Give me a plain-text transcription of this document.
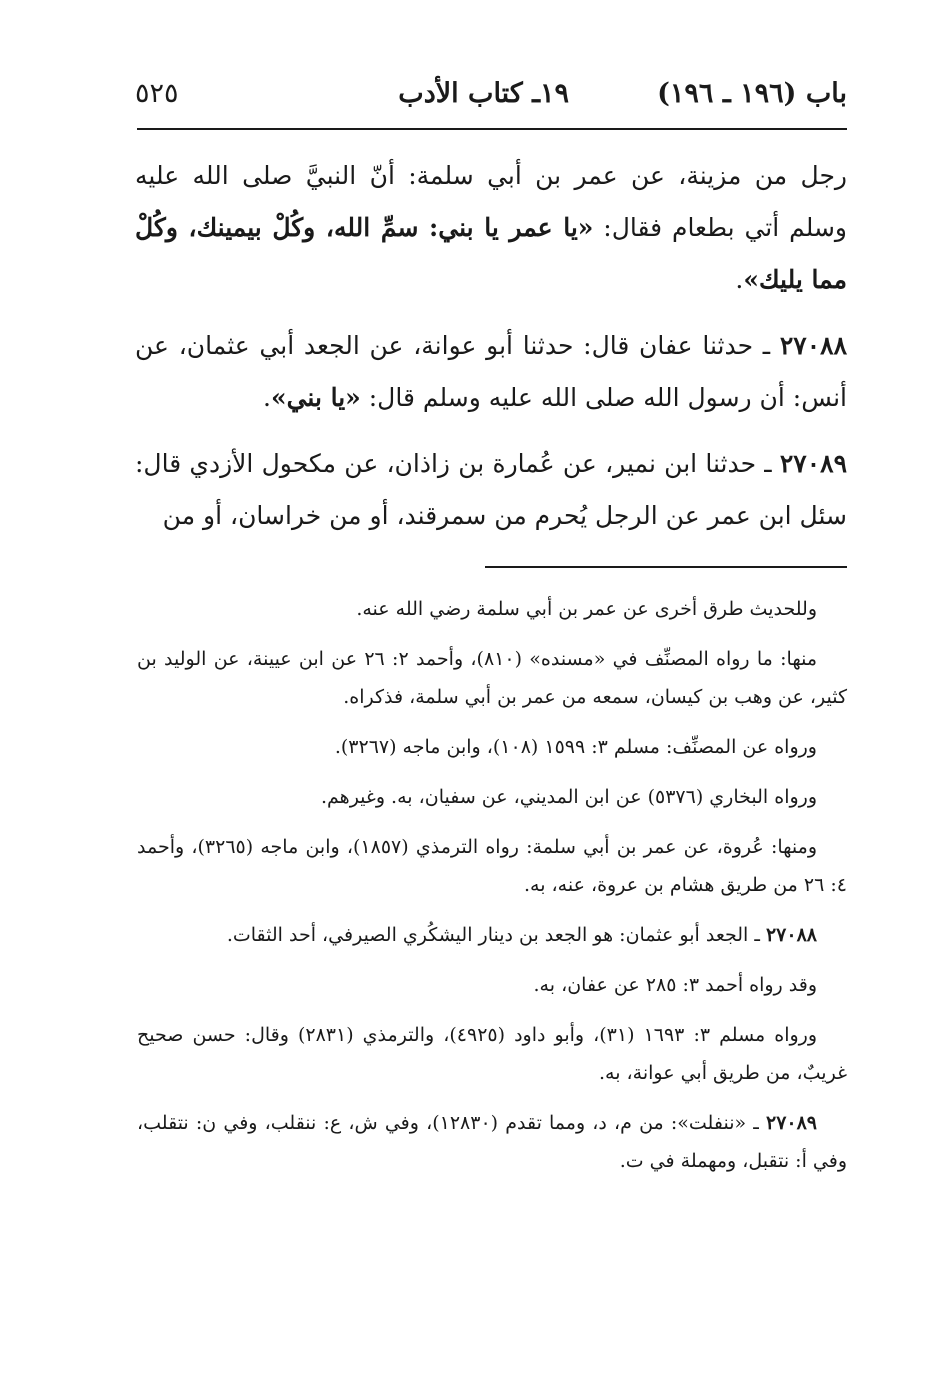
باب (١٩٦ ـ ١٩٦)
١٩ـ كتاب الأدب
٥٢٥

رجل من مزينة، عن عمر بن أبي سلمة: أنّ النبيَّ صلى الله عليه وسلم أتي بطعام فقال: «يا عمر يا بني: سمِّ الله، وكُلْ بيمينك، وكُلْ مما يليك».

٢٧٠٨٨ ـ حدثنا عفان قال: حدثنا أبو عوانة، عن الجعد أبي عثمان، عن أنس: أن رسول الله صلى الله عليه وسلم قال: «يا بني».

٢٧٠٨٩ ـ حدثنا ابن نمير، عن عُمارة بن زاذان، عن مكحول الأزدي قال: سئل ابن عمر عن الرجل يُحرم من سمرقند، أو من خراسان، أو من

وللحديث طرق أخرى عن عمر بن أبي سلمة رضي الله عنه.

منها: ما رواه المصنِّف في «مسنده» (٨١٠)، وأحمد ٢: ٢٦ عن ابن عيينة، عن الوليد بن كثير، عن وهب بن كيسان، سمعه من عمر بن أبي سلمة، فذكراه.

ورواه عن المصنِّف: مسلم ٣: ١٥٩٩ (١٠٨)، وابن ماجه (٣٢٦٧).

ورواه البخاري (٥٣٧٦) عن ابن المديني، عن سفيان، به. وغيرهم.

ومنها: عُروة، عن عمر بن أبي سلمة: رواه الترمذي (١٨٥٧)، وابن ماجه (٣٢٦٥)، وأحمد ٤: ٢٦ من طريق هشام بن عروة، عنه، به.

٢٧٠٨٨ ـ الجعد أبو عثمان: هو الجعد بن دينار اليشكُري الصيرفي، أحد الثقات.

وقد رواه أحمد ٣: ٢٨٥ عن عفان، به.

ورواه مسلم ٣: ١٦٩٣ (٣١)، وأبو داود (٤٩٢٥)، والترمذي (٢٨٣١) وقال: حسن صحيح غريبٌ، من طريق أبي عوانة، به.

٢٧٠٨٩ ـ «ننفلت»: من م، د، ومما تقدم (١٢٨٣٠)، وفي ش، ع: ننقلب، وفي ن: نتقلب، وفي أ: نتقبل، ومهملة في ت.
